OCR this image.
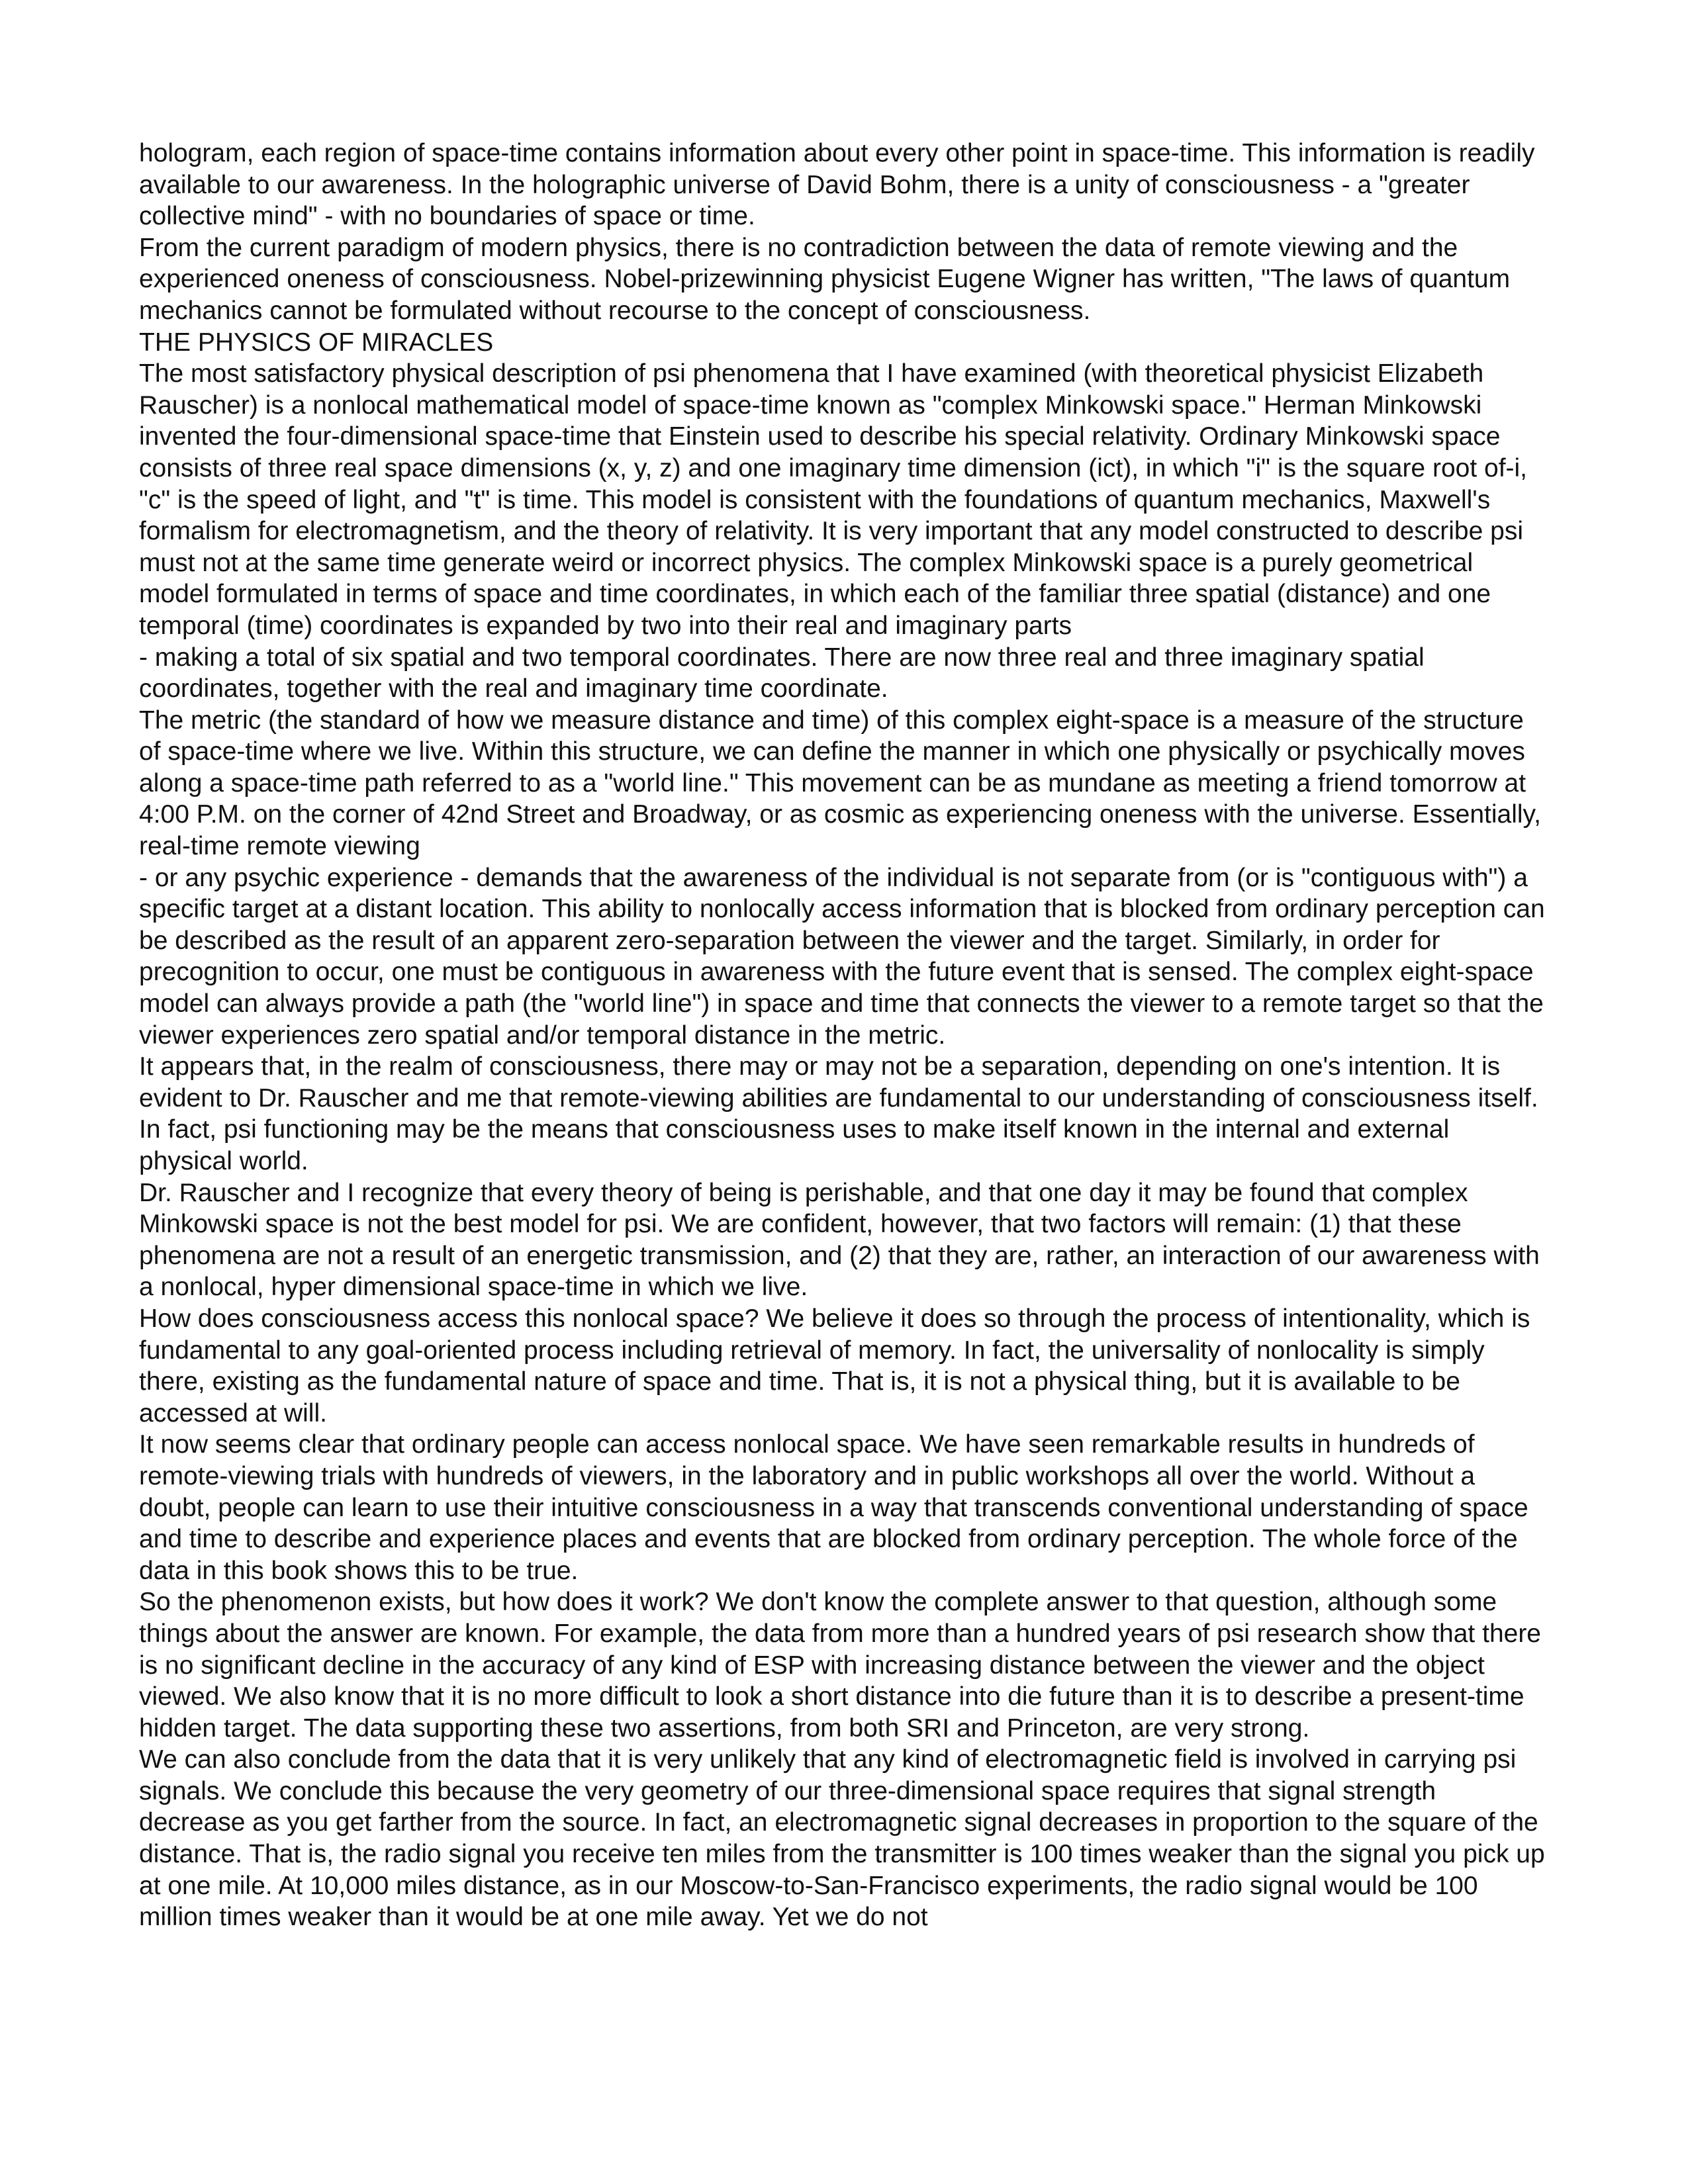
hologram, each region of space-time contains information about every other point in space-time. This information is readily available to our awareness. In the holographic universe of David Bohm, there is a unity of consciousness - a "greater collective mind" - with no boundaries of space or time.

From the current paradigm of modern physics, there is no contradiction between the data of remote viewing and the experienced oneness of consciousness. Nobel-prizewinning physicist Eugene Wigner has written, "The laws of quantum mechanics cannot be formulated without recourse to the concept of consciousness.

THE PHYSICS OF MIRACLES

The most satisfactory physical description of psi phenomena that I have examined (with theoretical physicist Elizabeth Rauscher) is a nonlocal mathematical model of space-time known as "complex Minkowski space." Herman Minkowski invented the four-dimensional space-time that Einstein used to describe his special relativity. Ordinary Minkowski space consists of three real space dimensions (x, y, z) and one imaginary time dimension (ict), in which "i" is the square root of-i, "c" is the speed of light, and "t" is time. This model is consistent with the foundations of quantum mechanics, Maxwell's formalism for electromagnetism, and the theory of relativity. It is very important that any model constructed to describe psi must not at the same time generate weird or incorrect physics. The complex Minkowski space is a purely geometrical model formulated in terms of space and time coordinates, in which each of the familiar three spatial (distance) and one temporal (time) coordinates is expanded by two into their real and imaginary parts

- making a total of six spatial and two temporal coordinates. There are now three real and three imaginary spatial coordinates, together with the real and imaginary time coordinate.

The metric (the standard of how we measure distance and time) of this complex eight-space is a measure of the structure of space-time where we live. Within this structure, we can define the manner in which one physically or psychically moves along a space-time path referred to as a "world line." This movement can be as mundane as meeting a friend tomorrow at 4:00 P.M. on the corner of 42nd Street and Broadway, or as cosmic as experiencing oneness with the universe. Essentially, real-time remote viewing

- or any psychic experience - demands that the awareness of the individual is not separate from (or is "contiguous with") a specific target at a distant location. This ability to nonlocally access information that is blocked from ordinary perception can be described as the result of an apparent zero-separation between the viewer and the target. Similarly, in order for precognition to occur, one must be contiguous in awareness with the future event that is sensed. The complex eight-space model can always provide a path (the "world line") in space and time that connects the viewer to a remote target so that the viewer experiences zero spatial and/or temporal distance in the metric.

It appears that, in the realm of consciousness, there may or may not be a separation, depending on one's intention. It is evident to Dr. Rauscher and me that remote-viewing abilities are fundamental to our understanding of consciousness itself. In fact, psi functioning may be the means that consciousness uses to make itself known in the internal and external physical world.

Dr. Rauscher and I recognize that every theory of being is perishable, and that one day it may be found that complex Minkowski space is not the best model for psi. We are confident, however, that two factors will remain: (1) that these phenomena are not a result of an energetic transmission, and (2) that they are, rather, an interaction of our awareness with a nonlocal, hyper dimensional space-time in which we live.

How does consciousness access this nonlocal space? We believe it does so through the process of intentionality, which is fundamental to any goal-oriented process including retrieval of memory. In fact, the universality of nonlocality is simply there, existing as the fundamental nature of space and time. That is, it is not a physical thing, but it is available to be accessed at will.

It now seems clear that ordinary people can access nonlocal space. We have seen remarkable results in hundreds of remote-viewing trials with hundreds of viewers, in the laboratory and in public workshops all over the world. Without a doubt, people can learn to use their intuitive consciousness in a way that transcends conventional understanding of space and time to describe and experience places and events that are blocked from ordinary perception. The whole force of the data in this book shows this to be true.

So the phenomenon exists, but how does it work? We don't know the complete answer to that question, although some things about the answer are known. For example, the data from more than a hundred years of psi research show that there is no significant decline in the accuracy of any kind of ESP with increasing distance between the viewer and the object viewed. We also know that it is no more difficult to look a short distance into die future than it is to describe a present-time hidden target. The data supporting these two assertions, from both SRI and Princeton, are very strong.

We can also conclude from the data that it is very unlikely that any kind of electromagnetic field is involved in carrying psi signals. We conclude this because the very geometry of our three-dimensional space requires that signal strength decrease as you get farther from the source. In fact, an electromagnetic signal decreases in proportion to the square of the distance. That is, the radio signal you receive ten miles from the transmitter is 100 times weaker than the signal you pick up at one mile. At 10,000 miles distance, as in our Moscow-to-San-Francisco experiments, the radio signal would be 100 million times weaker than it would be at one mile away. Yet we do not
